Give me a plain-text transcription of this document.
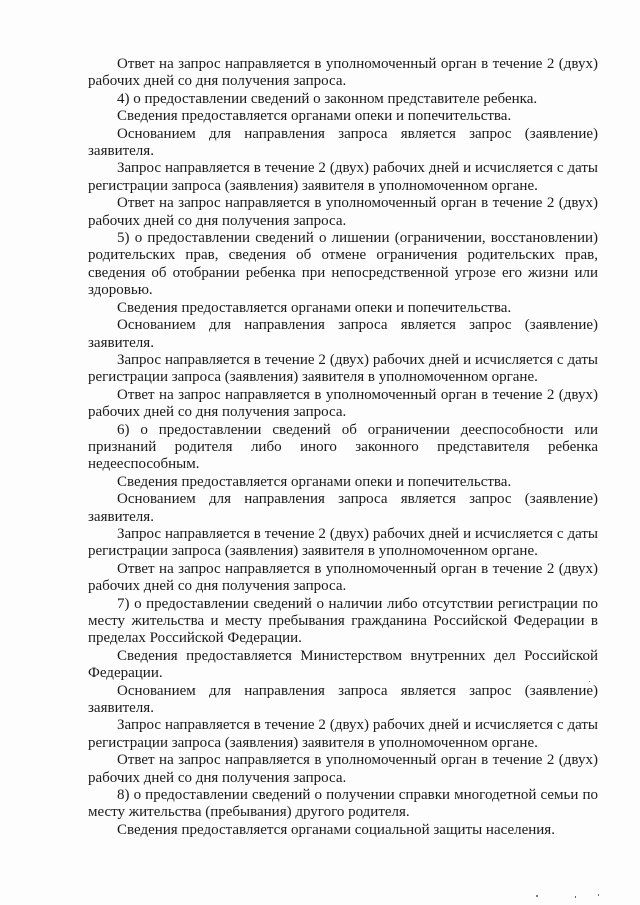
Ответ на запрос направляется в уполномоченный орган в течение 2 (двух) рабочих дней со дня получения запроса.

4) о предоставлении сведений о законном представителе ребенка.

Сведения предоставляется органами опеки и попечительства.

Основанием для направления запроса является запрос (заявление) заявителя.

Запрос направляется в течение 2 (двух) рабочих дней и исчисляется с даты регистрации запроса (заявления) заявителя в уполномоченном органе.

Ответ на запрос направляется в уполномоченный орган в течение 2 (двух) рабочих дней со дня получения запроса.

5) о предоставлении сведений о лишении (ограничении, восстановлении) родительских прав, сведения об отмене ограничения родительских прав, сведения об отобрании ребенка при непосредственной угрозе его жизни или здоровью.

Сведения предоставляется органами опеки и попечительства.

Основанием для направления запроса является запрос (заявление) заявителя.

Запрос направляется в течение 2 (двух) рабочих дней и исчисляется с даты регистрации запроса (заявления) заявителя в уполномоченном органе.

Ответ на запрос направляется в уполномоченный орган в течение 2 (двух) рабочих дней со дня получения запроса.

6) о предоставлении сведений об ограничении дееспособности или признаний родителя либо иного законного представителя ребенка недееспособным.

Сведения предоставляется органами опеки и попечительства.

Основанием для направления запроса является запрос (заявление) заявителя.

Запрос направляется в течение 2 (двух) рабочих дней и исчисляется с даты регистрации запроса (заявления) заявителя в уполномоченном органе.

Ответ на запрос направляется в уполномоченный орган в течение 2 (двух) рабочих дней со дня получения запроса.

7) о предоставлении сведений о наличии либо отсутствии регистрации по месту жительства и месту пребывания гражданина Российской Федерации в пределах Российской Федерации.

Сведения предоставляется Министерством внутренних дел Российской Федерации.

Основанием для направления запроса является запрос (заявление) заявителя.

Запрос направляется в течение 2 (двух) рабочих дней и исчисляется с даты регистрации запроса (заявления) заявителя в уполномоченном органе.

Ответ на запрос направляется в уполномоченный орган в течение 2 (двух) рабочих дней со дня получения запроса.

8) о предоставлении сведений о получении справки многодетной семьи по месту жительства (пребывания) другого родителя.

Сведения предоставляется органами социальной защиты населения.
